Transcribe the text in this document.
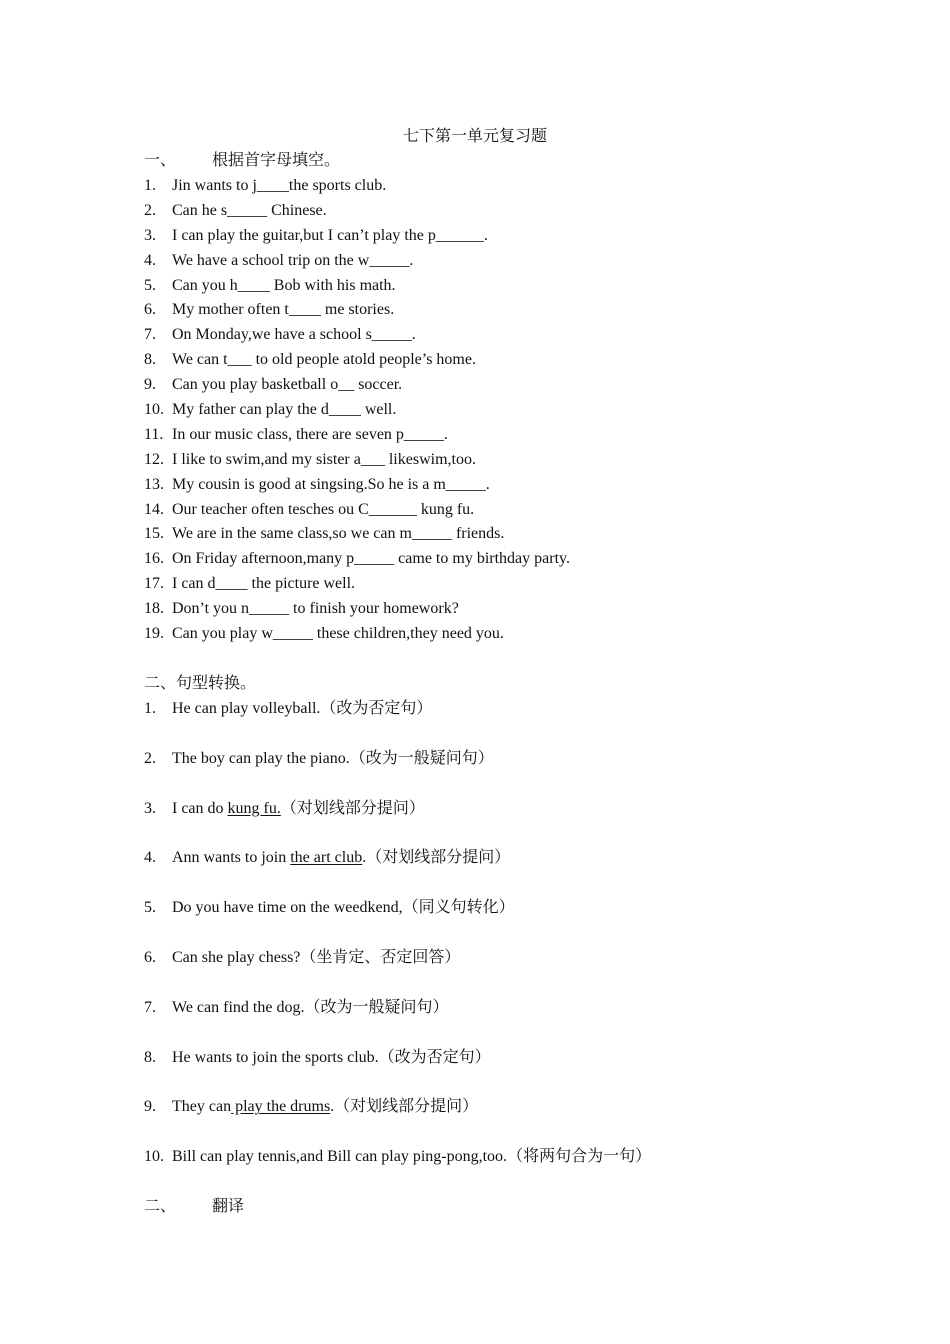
七下第一单元复习题
一、 根据首字母填空。
1.	Jin wants to j____the sports club.
2.	Can he s_____ Chinese.
3.	I can play the guitar,but I can’t play the p______.
4.	We have a school trip on the w_____.
5.	Can you h____ Bob with his math.
6.	My mother often t____ me stories.
7.	On Monday,we have a school s_____.
8.	We can t___ to old people atold people’s home.
9.	Can you play basketball o__ soccer.
10. My father can play the d____ well.
11. In our music class, there are seven p_____.
12. I like to swim,and my sister a___ likeswim,too.
13. My cousin is good at singsing.So he is a m_____.
14. Our teacher often tesches ou C______ kung fu.
15. We are in the same class,so we can m_____ friends.
16. On Friday afternoon,many p_____ came to my birthday party.
17. I can d____ the picture well.
18. Don’t you n_____ to finish your homework?
19. Can you play w_____ these children,they need you.
二、句型转换。
1.	He can play volleyball.（改为否定句）
2.	The boy can play the piano.（改为一般疑问句）
3.	I can do kung fu.（对划线部分提问）
4.	Ann wants to join the art club.（对划线部分提问）
5.	Do you have time on the weedkend,（同义句转化）
6.	Can she play chess?（坐肯定、否定回答）
7.	We can find the dog.（改为一般疑问句）
8.	He wants to join the sports club.（改为否定句）
9.	They can play the drums.（对划线部分提问）
10. Bill can play tennis,and Bill can play ping-pong,too.（将两句合为一句）
二、 翻译
